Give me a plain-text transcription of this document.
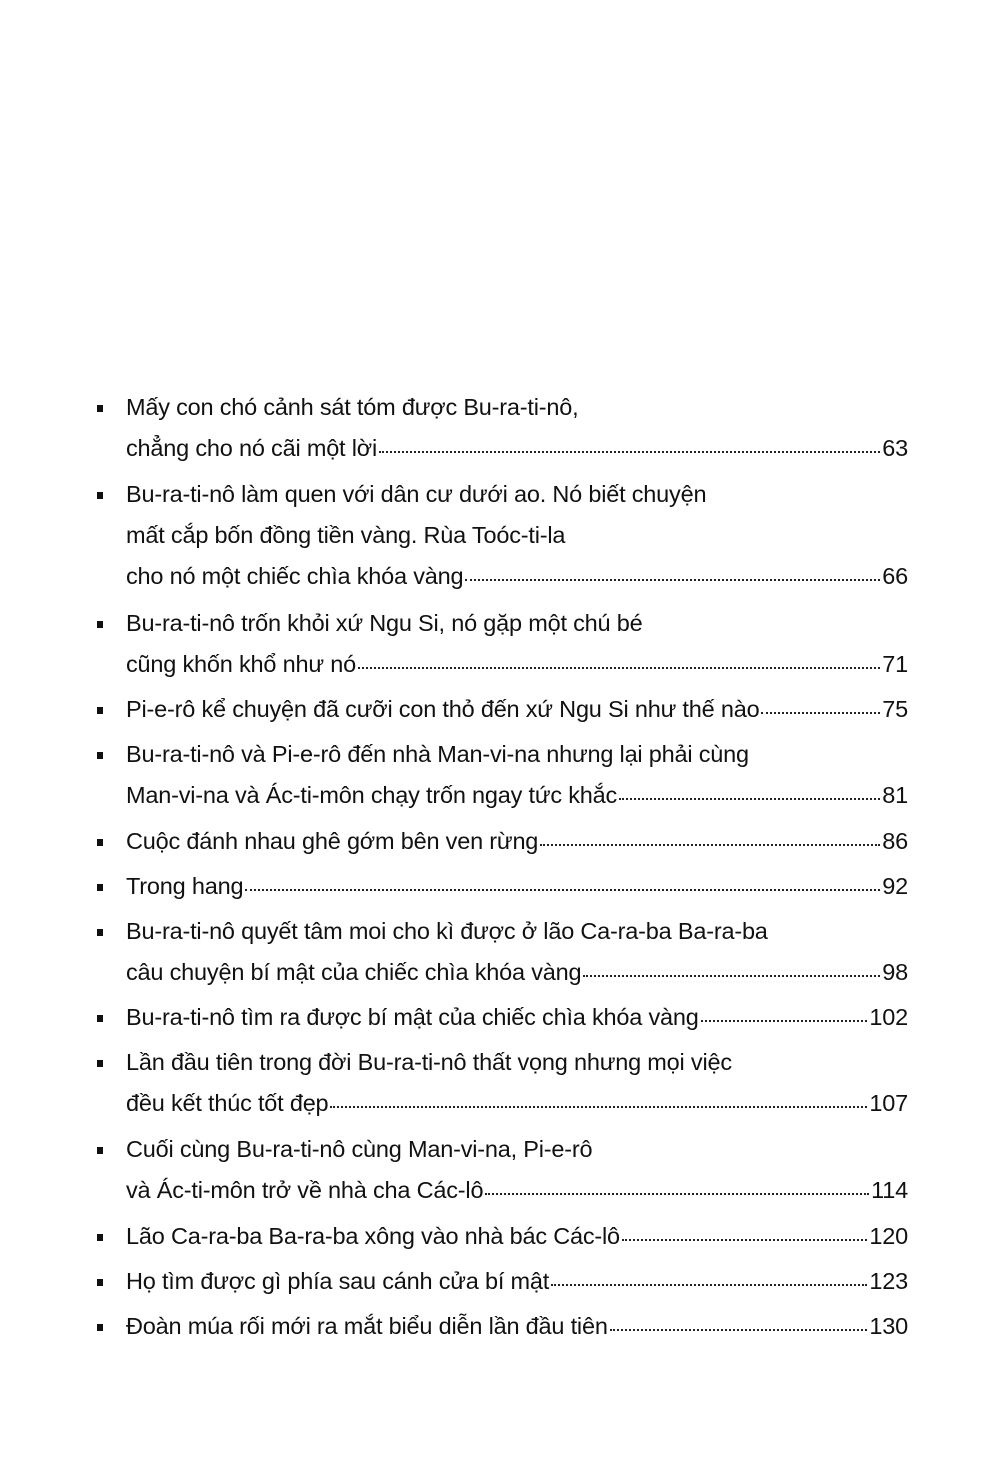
Mấy con chó cảnh sát tóm được Bu-ra-ti-nô,
chẳng cho nó cãi một lời	63
Bu-ra-ti-nô làm quen với dân cư dưới ao. Nó biết chuyện
mất cắp bốn đồng tiền vàng. Rùa Toóc-ti-la
cho nó một chiếc chìa khóa vàng	66
Bu-ra-ti-nô trốn khỏi xứ Ngu Si, nó gặp một chú bé
cũng khốn khổ như nó	71
Pi-e-rô kể chuyện đã cưỡi con thỏ đến xứ Ngu Si như thế nào	75
Bu-ra-ti-nô và Pi-e-rô đến nhà Man-vi-na nhưng lại phải cùng
Man-vi-na và Ác-ti-môn chạy trốn ngay tức khắc	81
Cuộc đánh nhau ghê gớm bên ven rừng	86
Trong hang	92
Bu-ra-ti-nô quyết tâm moi cho kì được ở lão Ca-ra-ba Ba-ra-ba
câu chuyện bí mật của chiếc chìa khóa vàng	98
Bu-ra-ti-nô tìm ra được bí mật của chiếc chìa khóa vàng	102
Lần đầu tiên trong đời Bu-ra-ti-nô thất vọng nhưng mọi việc
đều kết thúc tốt đẹp	107
Cuối cùng Bu-ra-ti-nô cùng Man-vi-na, Pi-e-rô
và Ác-ti-môn trở về nhà cha Các-lô	114
Lão Ca-ra-ba Ba-ra-ba xông vào nhà bác Các-lô	120
Họ tìm được gì phía sau cánh cửa bí mật	123
Đoàn múa rối mới ra mắt biểu diễn lần đầu tiên	130
